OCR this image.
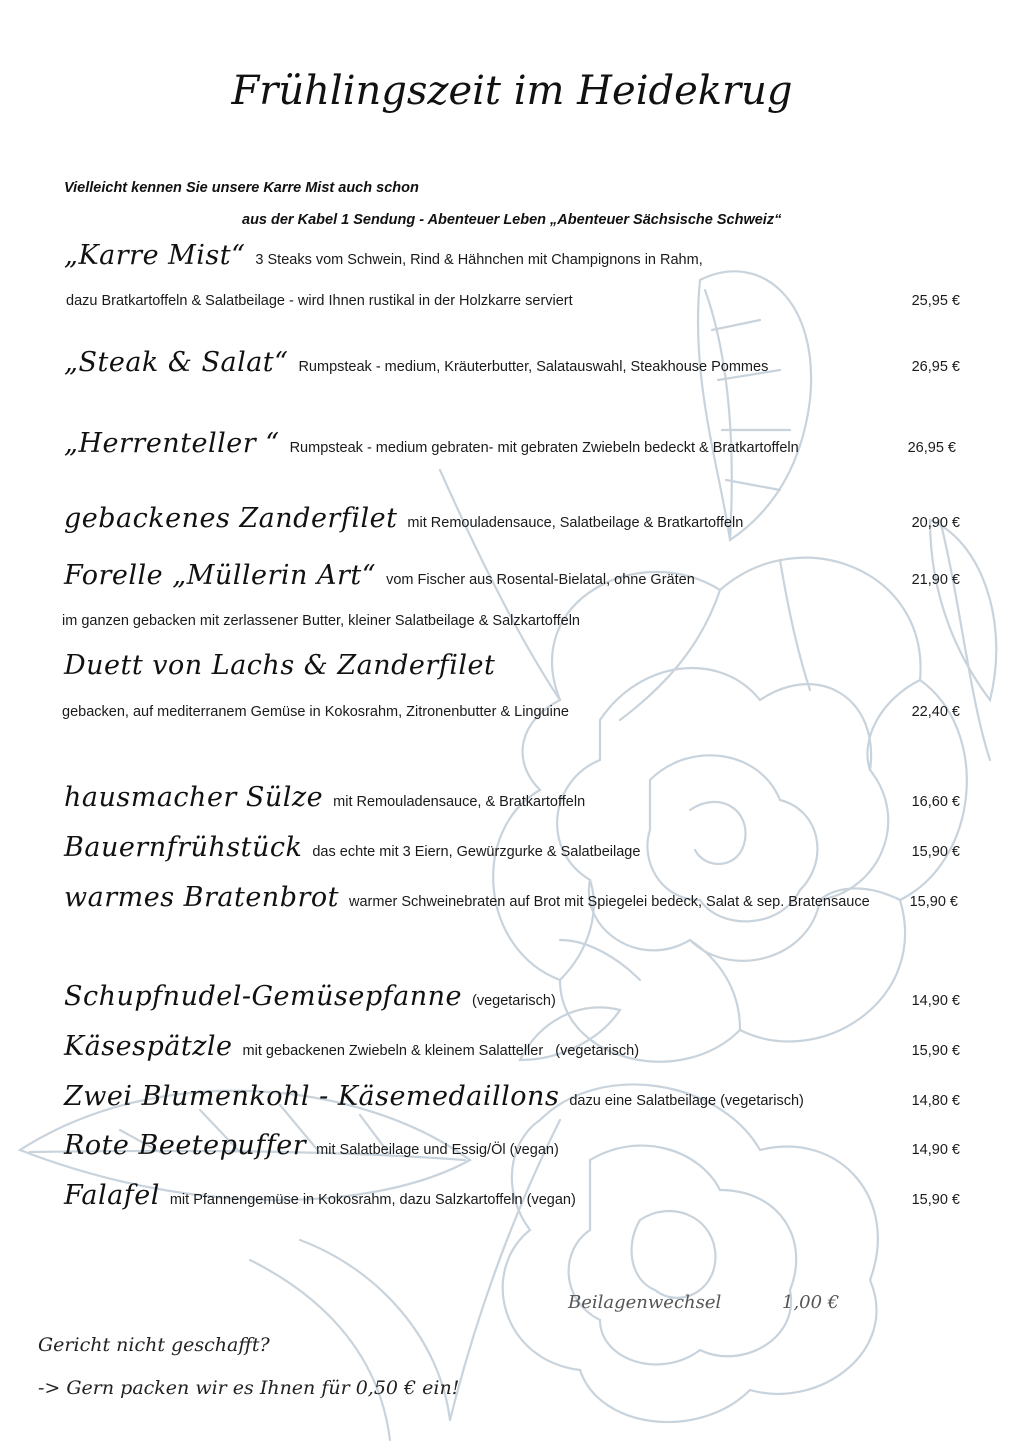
Frühlingszeit im Heidekrug
Vielleicht kennen Sie unsere Karre Mist auch schon
aus der Kabel 1 Sendung - Abenteuer Leben „Abenteuer Sächsische Schweiz“
„Karre Mist“ 3 Steaks vom Schwein, Rind & Hähnchen mit Champignons in Rahm,
dazu Bratkartoffeln & Salatbeilage - wird Ihnen rustikal in der Holzkarre serviert	25,95 €
„Steak & Salat“ Rumpsteak - medium, Kräuterbutter, Salatauswahl, Steakhouse Pommes	26,95 €
„Herrenteller “ Rumpsteak - medium gebraten- mit gebraten Zwiebeln bedeckt & Bratkartoffeln	26,95 €
gebackenes Zanderfilet mit Remouladensauce, Salatbeilage & Bratkartoffeln	20,90 €
Forelle „Müllerin Art“ vom Fischer aus Rosental-Bielatal, ohne Gräten	21,90 €
im ganzen gebacken mit zerlassener Butter, kleiner Salatbeilage & Salzkartoffeln
Duett von Lachs & Zanderfilet
gebacken, auf mediterranem Gemüse in Kokosrahm, Zitronenbutter & Linguine	22,40 €
hausmacher Sülze mit Remouladensauce, & Bratkartoffeln	16,60 €
Bauernfrühstück das echte mit 3 Eiern, Gewürzgurke & Salatbeilage	15,90 €
warmes Bratenbrot warmer Schweinebraten auf Brot mit Spiegelei bedeck, Salat & sep. Bratensauce	15,90 €
Schupfnudel-Gemüsepfanne (vegetarisch)	14,90 €
Käsespätzle mit gebackenen Zwiebeln & kleinem Salatteller   (vegetarisch)	15,90 €
Zwei Blumenkohl - Käsemedaillons dazu eine Salatbeilage (vegetarisch)	14,80 €
Rote Beetepuffer mit Salatbeilage und Essig/Öl (vegan)	14,90 €
Falafel mit Pfannengemüse in Kokosrahm, dazu Salzkartoffeln (vegan)	15,90 €
Beilagenwechsel	1,00 €
Gericht nicht geschafft?
-> Gern packen wir es Ihnen für 0,50 € ein!
